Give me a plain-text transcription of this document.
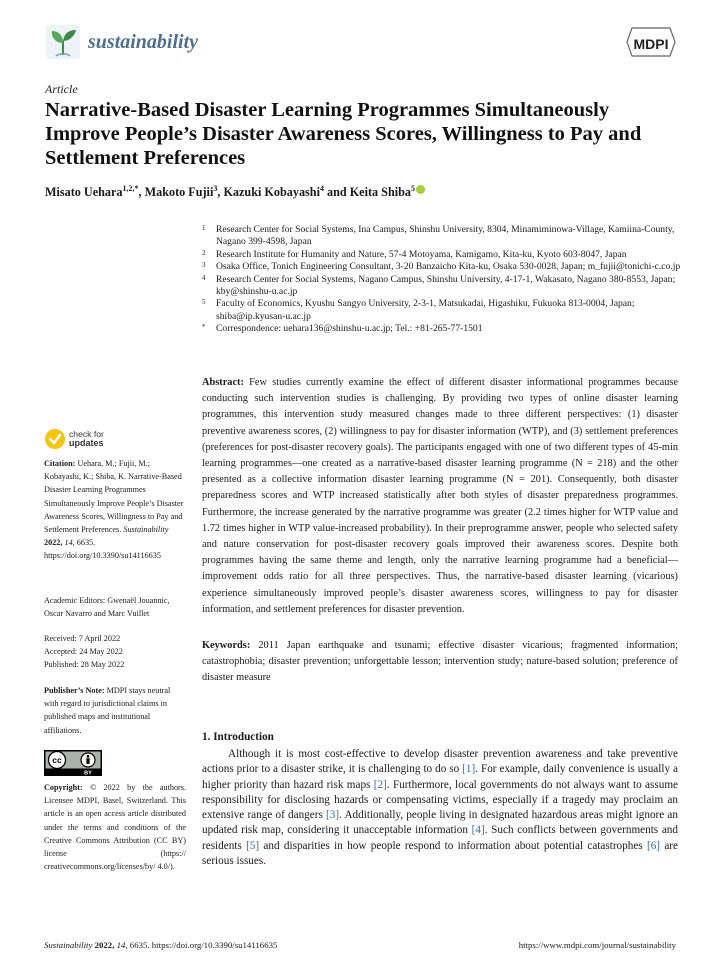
sustainability	MDPI
Article
Narrative-Based Disaster Learning Programmes Simultaneously Improve People’s Disaster Awareness Scores, Willingness to Pay and Settlement Preferences
Misato Uehara$^{1,2,*}$, Makoto Fujii$^3$, Kazuki Kobayashi$^4$ and Keita Shiba$^5$
1 Research Center for Social Systems, Ina Campus, Shinshu University, 8304, Minamiminowa-Village, Kamiina-County, Nagano 399-4598, Japan
2 Research Institute for Humanity and Nature, 57-4 Motoyama, Kamigamo, Kita-ku, Kyoto 603-8047, Japan
3 Osaka Office, Tonich Engineering Consultant, 3-20 Banzaicho Kita-ku, Osaka 530-0028, Japan; m_fujii@tonichi-c.co.jp
4 Research Center for Social Systems, Nagano Campus, Shinshu University, 4-17-1, Wakasato, Nagano 380-8553, Japan; kby@shinshu-u.ac.jp
5 Faculty of Economics, Kyushu Sangyo University, 2-3-1, Matsukadai, Higashiku, Fukuoka 813-0004, Japan; shiba@ip.kyusan-u.ac.jp
* Correspondence: uehara136@shinshu-u.ac.jp; Tel.: +81-265-77-1501

Abstract: Few studies currently examine the effect of different disaster informational programmes because conducting such intervention studies is challenging. By providing two types of online disaster learning programmes, this intervention study measured changes made to three different perspectives: (1) disaster preventive awareness scores, (2) willingness to pay for disaster information (WTP), and (3) settlement preferences (preferences for post-disaster recovery goals). The participants engaged with one of two different types of 45-min learning programmes—one created as a narrative-based disaster learning programme (N = 218) and the other presented as a collective information disaster learning programme (N = 201). Consequently, both disaster preparedness scores and WTP increased statistically after both styles of disaster preparedness programmes. Furthermore, the increase generated by the narrative programme was greater (2.2 times higher for WTP value and 1.72 times higher in WTP value-increased probability). In their preprogramme answer, people who selected safety and nature conservation for post-disaster recovery goals improved their awareness scores. Despite both programmes having the same theme and length, only the narrative learning programme had a beneficial—improvement odds ratio for all three perspectives. Thus, the narrative-based disaster learning (vicarious) experience simultaneously improved people’s disaster awareness scores, willingness to pay for disaster information, and settlement preferences for disaster prevention.

Keywords: 2011 Japan earthquake and tsunami; effective disaster vicarious; fragmented information; catastrophobia; disaster prevention; unforgettable lesson; intervention study; nature-based solution; preference of disaster measure

check for
updates

Citation: Uehara, M.; Fujii, M.; Kobayashi, K.; Shiba, K. Narrative-Based Disaster Learning Programmes Simultaneously Improve People’s Disaster Awareness Scores, Willingness to Pay and Settlement Preferences. Sustainability 2022, 14, 6635. https://doi.org/10.3390/su14116635

Academic Editors: Gwenaël Jouannic, Oscar Navarro and Marc Vuillet

Received: 7 April 2022

Accepted: 24 May 2022

Published: 28 May 2022

Publisher’s Note: MDPI stays neutral with regard to jurisdictional claims in published maps and institutional affiliations.

cc
BY

Copyright: © 2022 by the authors. Licensee MDPI, Basel, Switzerland. This article is an open access article distributed under the terms and conditions of the Creative Commons Attribution (CC BY) license (https:// creativecommons.org/licenses/by/ 4.0/).

1. Introduction

Although it is most cost-effective to develop disaster prevention awareness and take preventive actions prior to a disaster strike, it is challenging to do so [1]. For example, daily convenience is usually a higher priority than hazard risk maps [2]. Furthermore, local governments do not always want to assume responsibility for disclosing hazards or compensating victims, especially if a tragedy may proclaim an extensive range of dangers [3]. Additionally, people living in designated hazardous areas might ignore an updated risk map, considering it unacceptable information [4]. Such conflicts between governments and residents [5] and disparities in how people respond to information about potential catastrophes [6] are serious issues.

Sustainability 2022, 14, 6635. https://doi.org/10.3390/su14116635	https://www.mdpi.com/journal/sustainability
